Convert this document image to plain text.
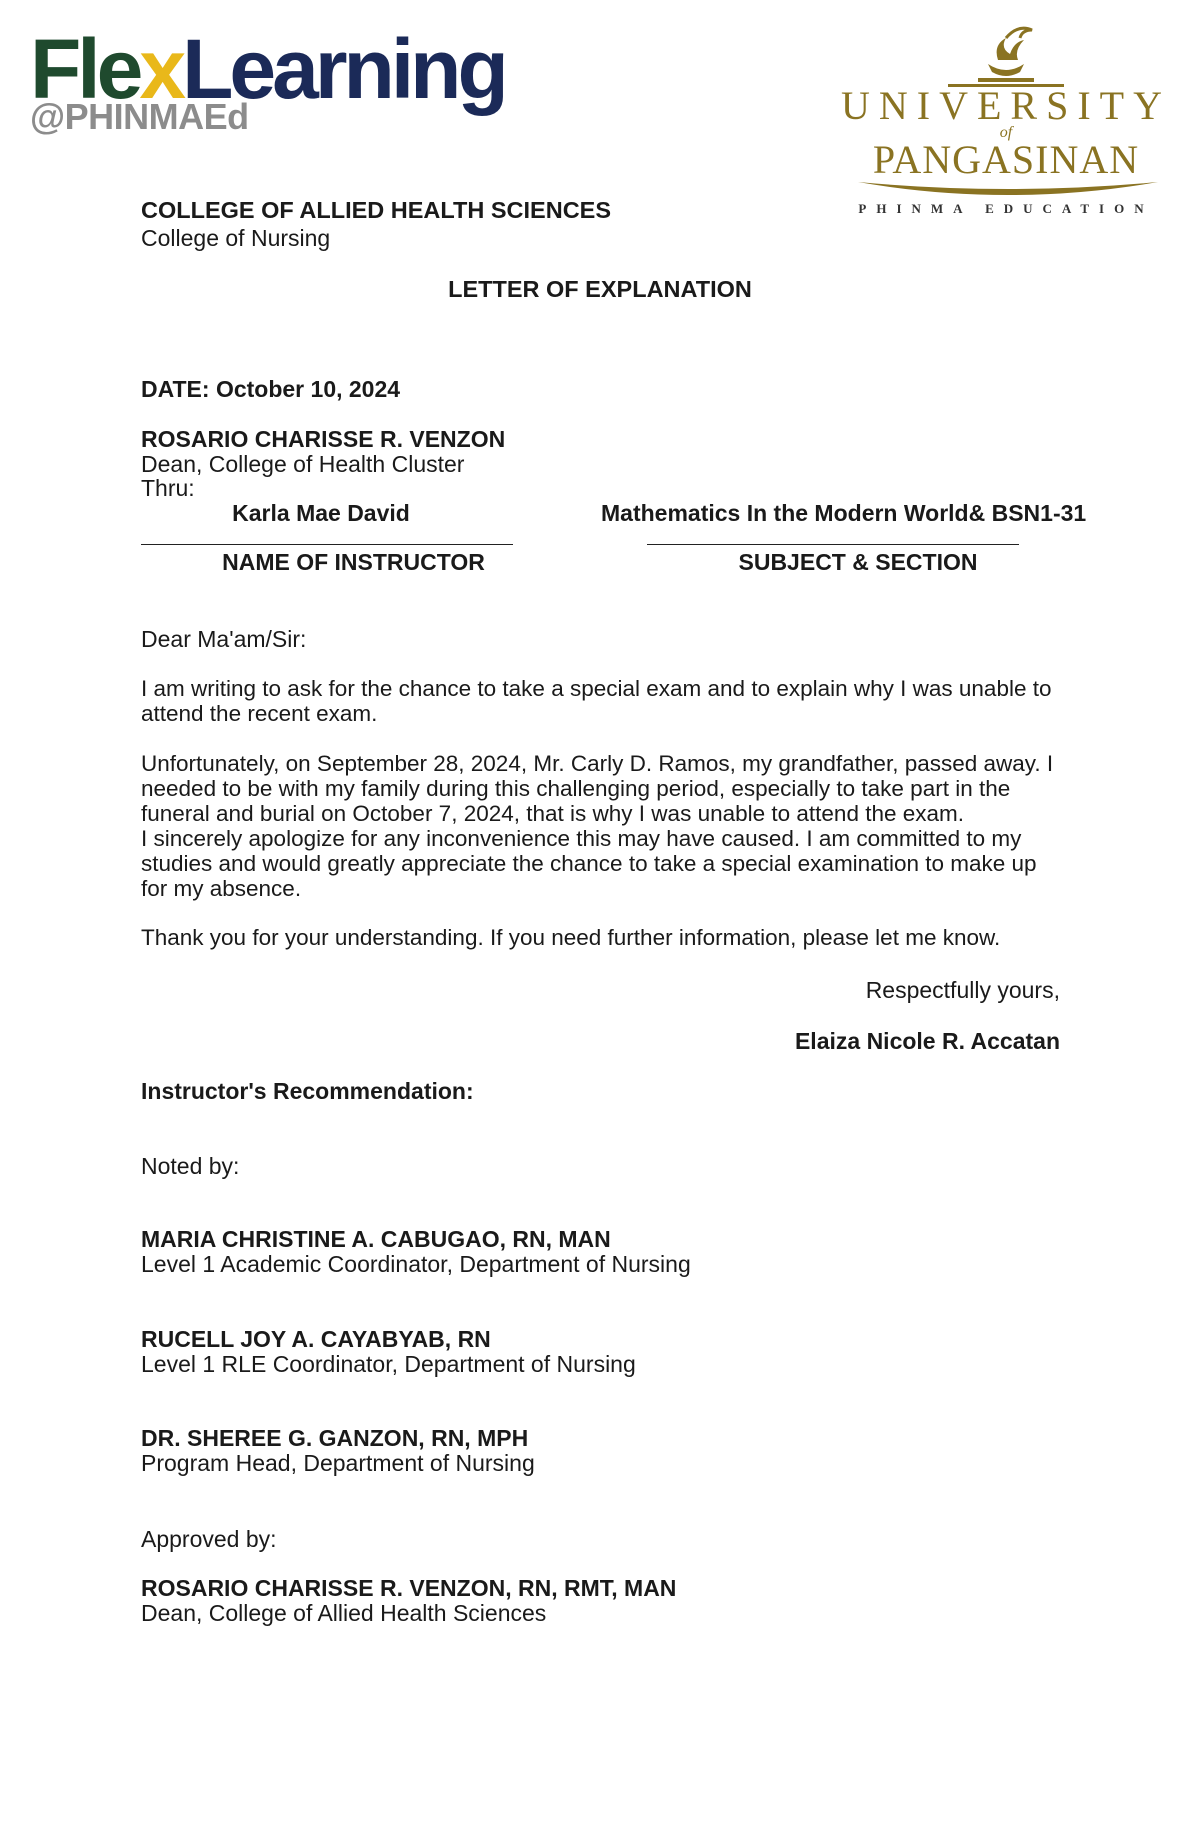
FlexLearning
@PHINMAEd	UNIVERSITY
of
PANGASINAN
PHINMA EDUCATION
COLLEGE OF ALLIED HEALTH SCIENCES
College of Nursing
LETTER OF EXPLANATION
DATE: October 10, 2024
ROSARIO CHARISSE R. VENZON
Dean, College of Health Cluster
Thru:
Karla Mae David
NAME OF INSTRUCTOR
Mathematics In the Modern World& BSN1-31
SUBJECT & SECTION
Dear Ma'am/Sir:
I am writing to ask for the chance to take a special exam and to explain why I was unable to attend the recent exam.
Unfortunately, on September 28, 2024, Mr. Carly D. Ramos, my grandfather, passed away. I needed to be with my family during this challenging period, especially to take part in the funeral and burial on October 7, 2024, that is why I was unable to attend the exam.
I sincerely apologize for any inconvenience this may have caused. I am committed to my studies and would greatly appreciate the chance to take a special examination to make up for my absence.
Thank you for your understanding. If you need further information, please let me know.
Respectfully yours,
Elaiza Nicole R. Accatan
Instructor's Recommendation:
Noted by:
MARIA CHRISTINE A. CABUGAO, RN, MAN
Level 1 Academic Coordinator, Department of Nursing
RUCELL JOY A. CAYABYAB, RN
Level 1 RLE Coordinator, Department of Nursing
DR. SHEREE G. GANZON, RN, MPH
Program Head, Department of Nursing
Approved by:
ROSARIO CHARISSE R. VENZON, RN, RMT, MAN
Dean, College of Allied Health Sciences
